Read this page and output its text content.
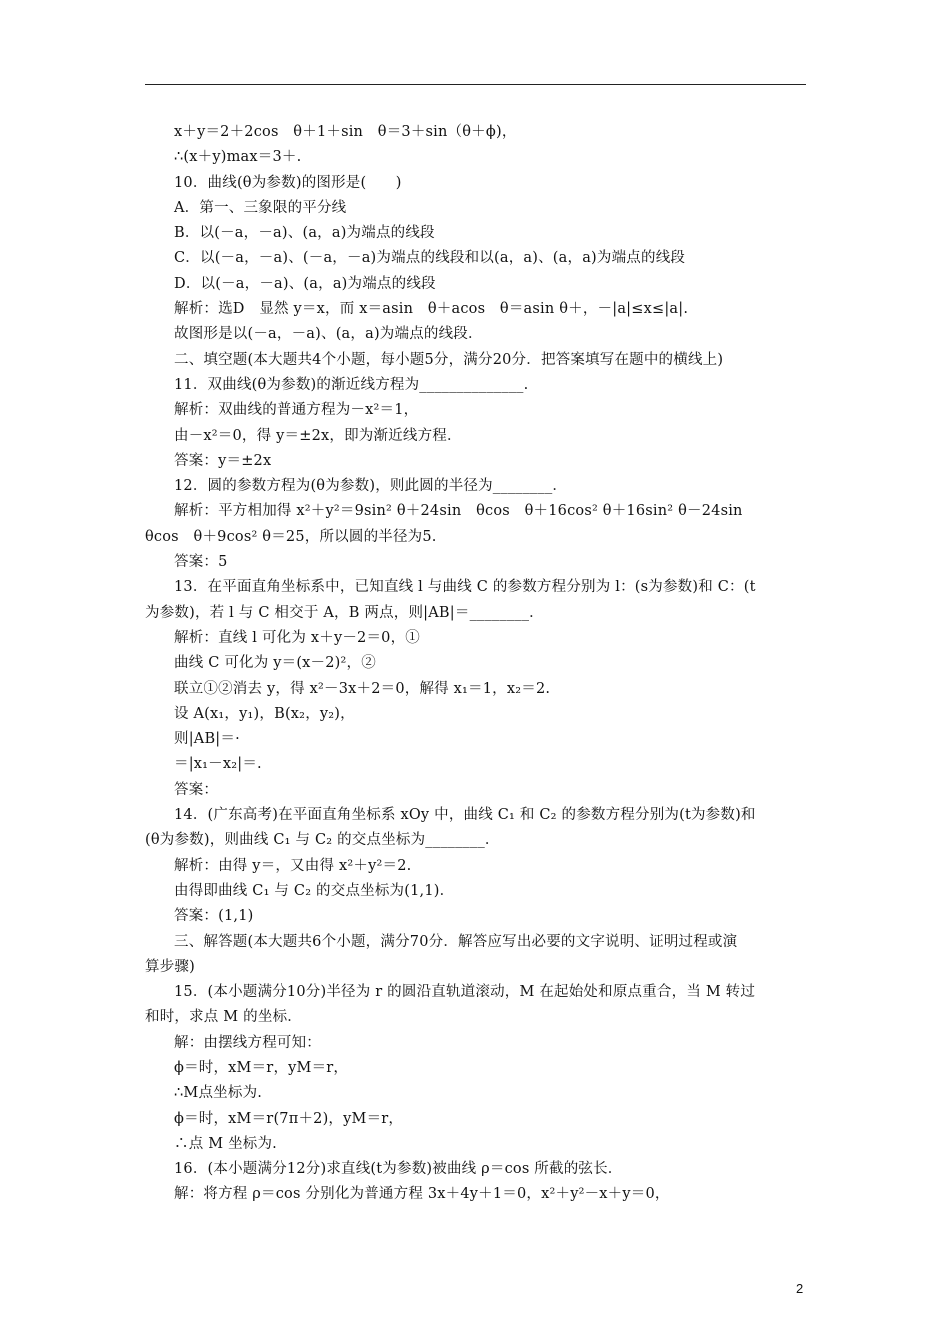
x＋y＝2＋2cos　θ＋1＋sin　θ＝3＋sin（θ＋ϕ)，
∴(x＋y)max＝3＋.
10．曲线(θ为参数)的图形是(　　)
A．第一、三象限的平分线
B．以(－a，－a)、(a，a)为端点的线段
C．以(－a，－a)、(－a，－a)为端点的线段和以(a，a)、(a，a)为端点的线段
D．以(－a，－a)、(a，a)为端点的线段
解析：选D　显然 y＝x，而 x＝asin　θ＋acos　θ＝asin θ＋，－|a|≤x≤|a|.
故图形是以(－a，－a)、(a，a)为端点的线段．
二、填空题(本大题共4个小题，每小题5分，满分20分．把答案填写在题中的横线上)
11．双曲线(θ为参数)的渐近线方程为______________.
解析：双曲线的普通方程为－x²＝1，
由－x²＝0，得 y＝±2x，即为渐近线方程．
答案：y＝±2x
12．圆的参数方程为(θ为参数)，则此圆的半径为________．
解析：平方相加得 x²＋y²＝9sin² θ＋24sin　θcos　θ＋16cos² θ＋16sin² θ－24sin
θcos　θ＋9cos² θ＝25，所以圆的半径为5.
答案：5
13．在平面直角坐标系中，已知直线 l 与曲线 C 的参数方程分别为 l：(s为参数)和 C：(t
为参数)，若 l 与 C 相交于 A，B 两点，则|AB|＝________．
解析：直线 l 可化为 x＋y－2＝0，①
曲线 C 可化为 y＝(x－2)²，②
联立①②消去 y，得 x²－3x＋2＝0，解得 x₁＝1，x₂＝2.
设 A(x₁，y₁)，B(x₂，y₂)，
则|AB|＝·
＝|x₁－x₂|＝.
答案：
14．(广东高考)在平面直角坐标系 xOy 中，曲线 C₁ 和 C₂ 的参数方程分别为(t为参数)和
(θ为参数)，则曲线 C₁ 与 C₂ 的交点坐标为________．
解析：由得 y＝，又由得 x²＋y²＝2.
由得即曲线 C₁ 与 C₂ 的交点坐标为(1,1)．
答案：(1,1)
三、解答题(本大题共6个小题，满分70分．解答应写出必要的文字说明、证明过程或演
算步骤)
15．(本小题满分10分)半径为 r 的圆沿直轨道滚动，M 在起始处和原点重合，当 M 转过
和时，求点 M 的坐标．
解：由摆线方程可知：
ϕ＝时，xM＝r，yM＝r，
∴M点坐标为.
ϕ＝时，xM＝r(7π＋2)，yM＝r，
∴点 M 坐标为.
16．(本小题满分12分)求直线(t为参数)被曲线 ρ＝cos 所截的弦长．
解：将方程 ρ＝cos 分别化为普通方程 3x＋4y＋1＝0，x²＋y²－x＋y＝0，
2
